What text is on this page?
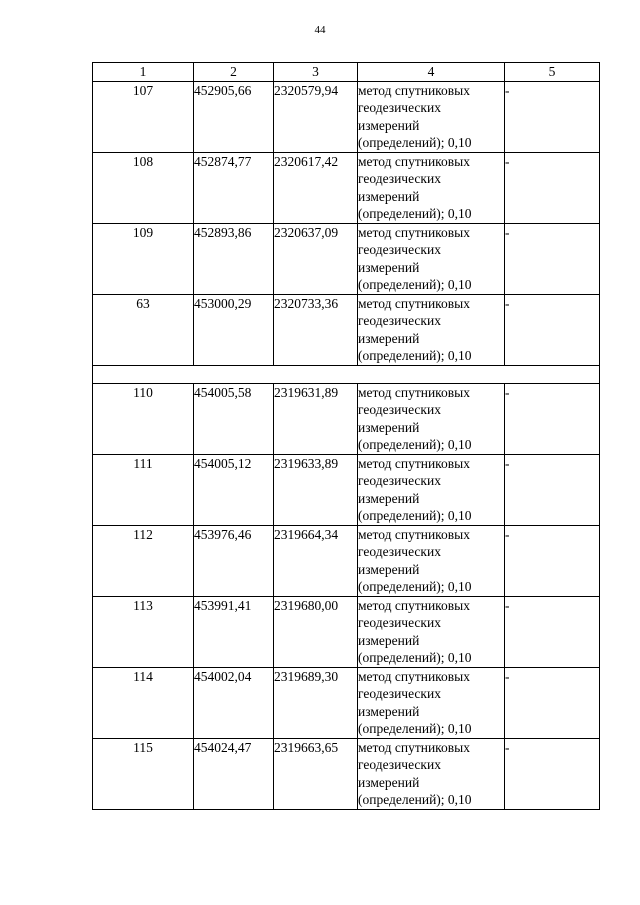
44
1	2	3	4	5
107	452905,66	2320579,94	метод спутниковых
геодезических
измерений
(определений); 0,10	-
108	452874,77	2320617,42	метод спутниковых
геодезических
измерений
(определений); 0,10	-
109	452893,86	2320637,09	метод спутниковых
геодезических
измерений
(определений); 0,10	-
63	453000,29	2320733,36	метод спутниковых
геодезических
измерений
(определений); 0,10	-

110	454005,58	2319631,89	метод спутниковых
геодезических
измерений
(определений); 0,10	-
111	454005,12	2319633,89	метод спутниковых
геодезических
измерений
(определений); 0,10	-
112	453976,46	2319664,34	метод спутниковых
геодезических
измерений
(определений); 0,10	-
113	453991,41	2319680,00	метод спутниковых
геодезических
измерений
(определений); 0,10	-
114	454002,04	2319689,30	метод спутниковых
геодезических
измерений
(определений); 0,10	-
115	454024,47	2319663,65	метод спутниковых
геодезических
измерений
(определений); 0,10	-
